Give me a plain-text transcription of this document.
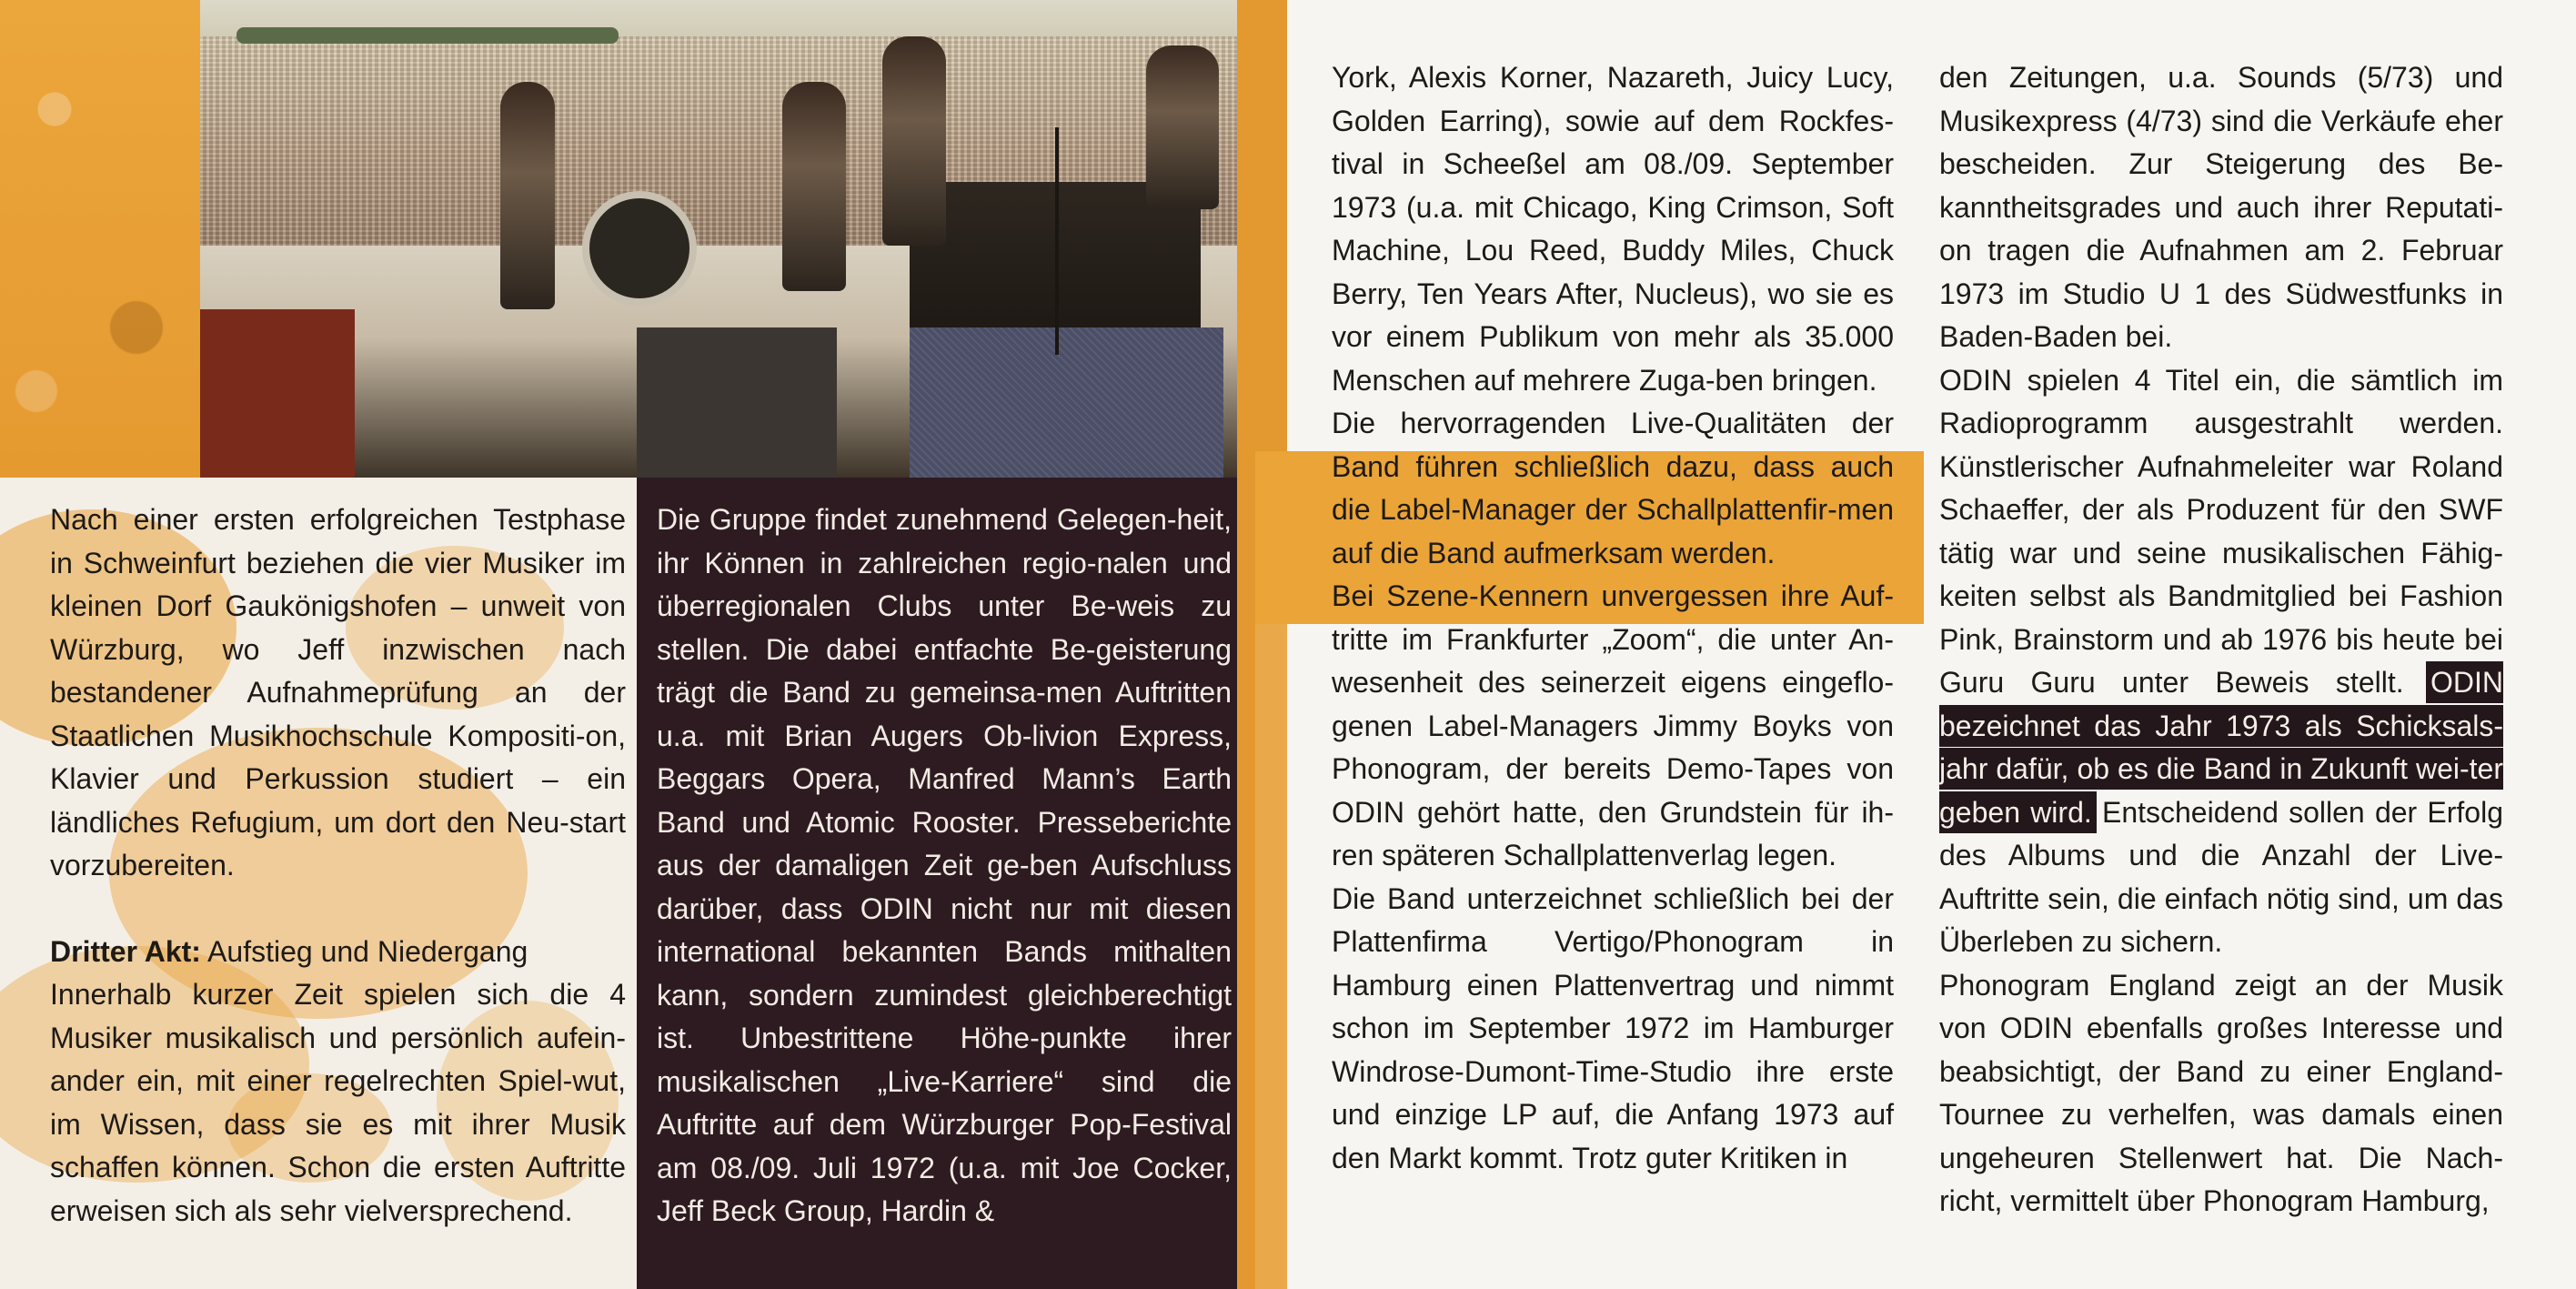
Nach einer ersten erfolgreichen Testphase in Schweinfurt beziehen die vier Musiker im kleinen Dorf Gaukönigshofen – unweit von Würzburg, wo Jeff inzwischen nach bestandener Aufnahmeprüfung an der Staatlichen Musikhochschule Kompositi-on, Klavier und Perkussion studiert – ein ländliches Refugium, um dort den Neu-start vorzubereiten.

Dritter Akt: Aufstieg und Niedergang

Innerhalb kurzer Zeit spielen sich die 4 Musiker musikalisch und persönlich aufein-ander ein, mit einer regelrechten Spiel-wut, im Wissen, dass sie es mit ihrer Musik schaffen können. Schon die ersten Auftritte erweisen sich als sehr vielversprechend.

Die Gruppe findet zunehmend Gelegen-heit, ihr Können in zahlreichen regio-nalen und überregionalen Clubs unter Be-weis zu stellen. Die dabei entfachte Be-geisterung trägt die Band zu gemeinsa-men Auftritten u.a. mit Brian Augers Ob-livion Express, Beggars Opera, Manfred Mann’s Earth Band und Atomic Rooster. Presseberichte aus der damaligen Zeit ge-ben Aufschluss darüber, dass ODIN nicht nur mit diesen international bekannten Bands mithalten kann, sondern zumindest gleichberechtigt ist. Unbestrittene Höhe-punkte ihrer musikalischen „Live-Karriere“ sind die Auftritte auf dem Würzburger Pop-Festival am 08./09. Juli 1972 (u.a. mit Joe Cocker, Jeff Beck Group, Hardin &

York, Alexis Korner, Nazareth, Juicy Lucy, Golden Earring), sowie auf dem Rockfes-tival in Scheeßel am 08./09. September 1973 (u.a. mit Chicago, King Crimson, Soft Machine, Lou Reed, Buddy Miles, Chuck Berry, Ten Years After, Nucleus), wo sie es vor einem Publikum von mehr als 35.000 Menschen auf mehrere Zuga-ben bringen.

Die hervorragenden Live-Qualitäten der Band führen schließlich dazu, dass auch die Label-Manager der Schallplattenfir-men auf die Band aufmerksam werden.

Bei Szene-Kennern unvergessen ihre Auf-tritte im Frankfurter „Zoom“, die unter An-wesenheit des seinerzeit eigens eingeflo-genen Label-Managers Jimmy Boyks von Phonogram, der bereits Demo-Tapes von ODIN gehört hatte, den Grundstein für ih-ren späteren Schallplattenverlag legen.

Die Band unterzeichnet schließlich bei der Plattenfirma Vertigo/Phonogram in Hamburg einen Plattenvertrag und nimmt schon im September 1972 im Hamburger Windrose-Dumont-Time-Studio ihre erste und einzige LP auf, die Anfang 1973 auf den Markt kommt. Trotz guter Kritiken in

den Zeitungen, u.a. Sounds (5/73) und Musikexpress (4/73) sind die Verkäufe eher bescheiden. Zur Steigerung des Be-kanntheitsgrades und auch ihrer Reputati-on tragen die Aufnahmen am 2. Februar 1973 im Studio U 1 des Südwestfunks in Baden-Baden bei.

ODIN spielen 4 Titel ein, die sämtlich im Radioprogramm ausgestrahlt werden. Künstlerischer Aufnahmeleiter war Roland Schaeffer, der als Produzent für den SWF tätig war und seine musikalischen Fähig-keiten selbst als Bandmitglied bei Fashion Pink, Brainstorm und ab 1976 bis heute bei Guru Guru unter Beweis stellt. ODIN bezeichnet das Jahr 1973 als Schicksals-jahr dafür, ob es die Band in Zukunft wei-ter geben wird. Entscheidend sollen der Erfolg des Albums und die Anzahl der Live-Auftritte sein, die einfach nötig sind, um das Überleben zu sichern.

Phonogram England zeigt an der Musik von ODIN ebenfalls großes Interesse und beabsichtigt, der Band zu einer England-Tournee zu verhelfen, was damals einen ungeheuren Stellenwert hat. Die Nach-richt, vermittelt über Phonogram Hamburg,
